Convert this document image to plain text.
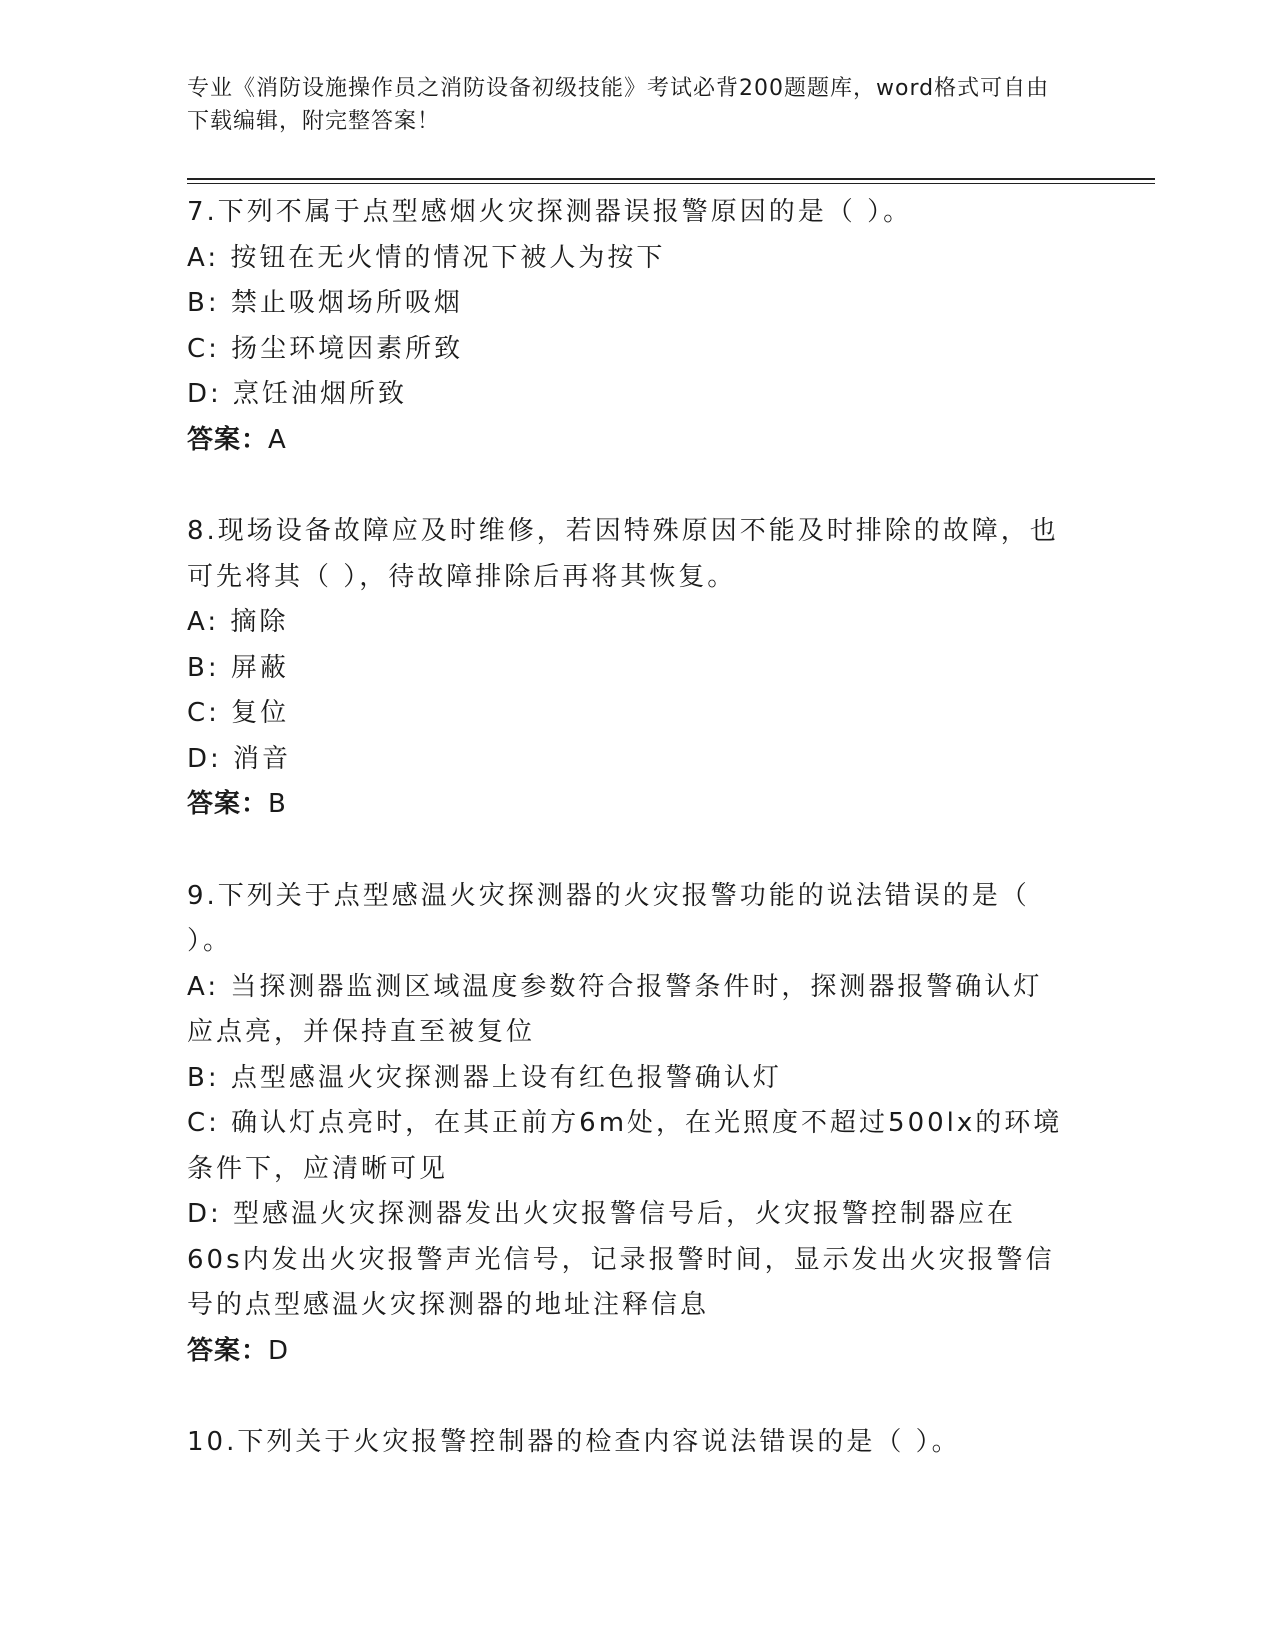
专业《消防设施操作员之消防设备初级技能》考试必背200题题库，word格式可自由下载编辑，附完整答案！
7.下列不属于点型感烟火灾探测器误报警原因的是（ ）。
A: 按钮在无火情的情况下被人为按下
B: 禁止吸烟场所吸烟
C: 扬尘环境因素所致
D: 烹饪油烟所致
答案：A
8.现场设备故障应及时维修，若因特殊原因不能及时排除的故障，也可先将其（ ），待故障排除后再将其恢复。
A: 摘除
B: 屏蔽
C: 复位
D: 消音
答案：B
9.下列关于点型感温火灾探测器的火灾报警功能的说法错误的是（ ）。
A: 当探测器监测区域温度参数符合报警条件时，探测器报警确认灯应点亮，并保持直至被复位
B: 点型感温火灾探测器上设有红色报警确认灯
C: 确认灯点亮时，在其正前方6m处，在光照度不超过500lx的环境条件下，应清晰可见
D: 型感温火灾探测器发出火灾报警信号后，火灾报警控制器应在60s内发出火灾报警声光信号，记录报警时间，显示发出火灾报警信号的点型感温火灾探测器的地址注释信息
答案：D
10.下列关于火灾报警控制器的检查内容说法错误的是（ ）。
